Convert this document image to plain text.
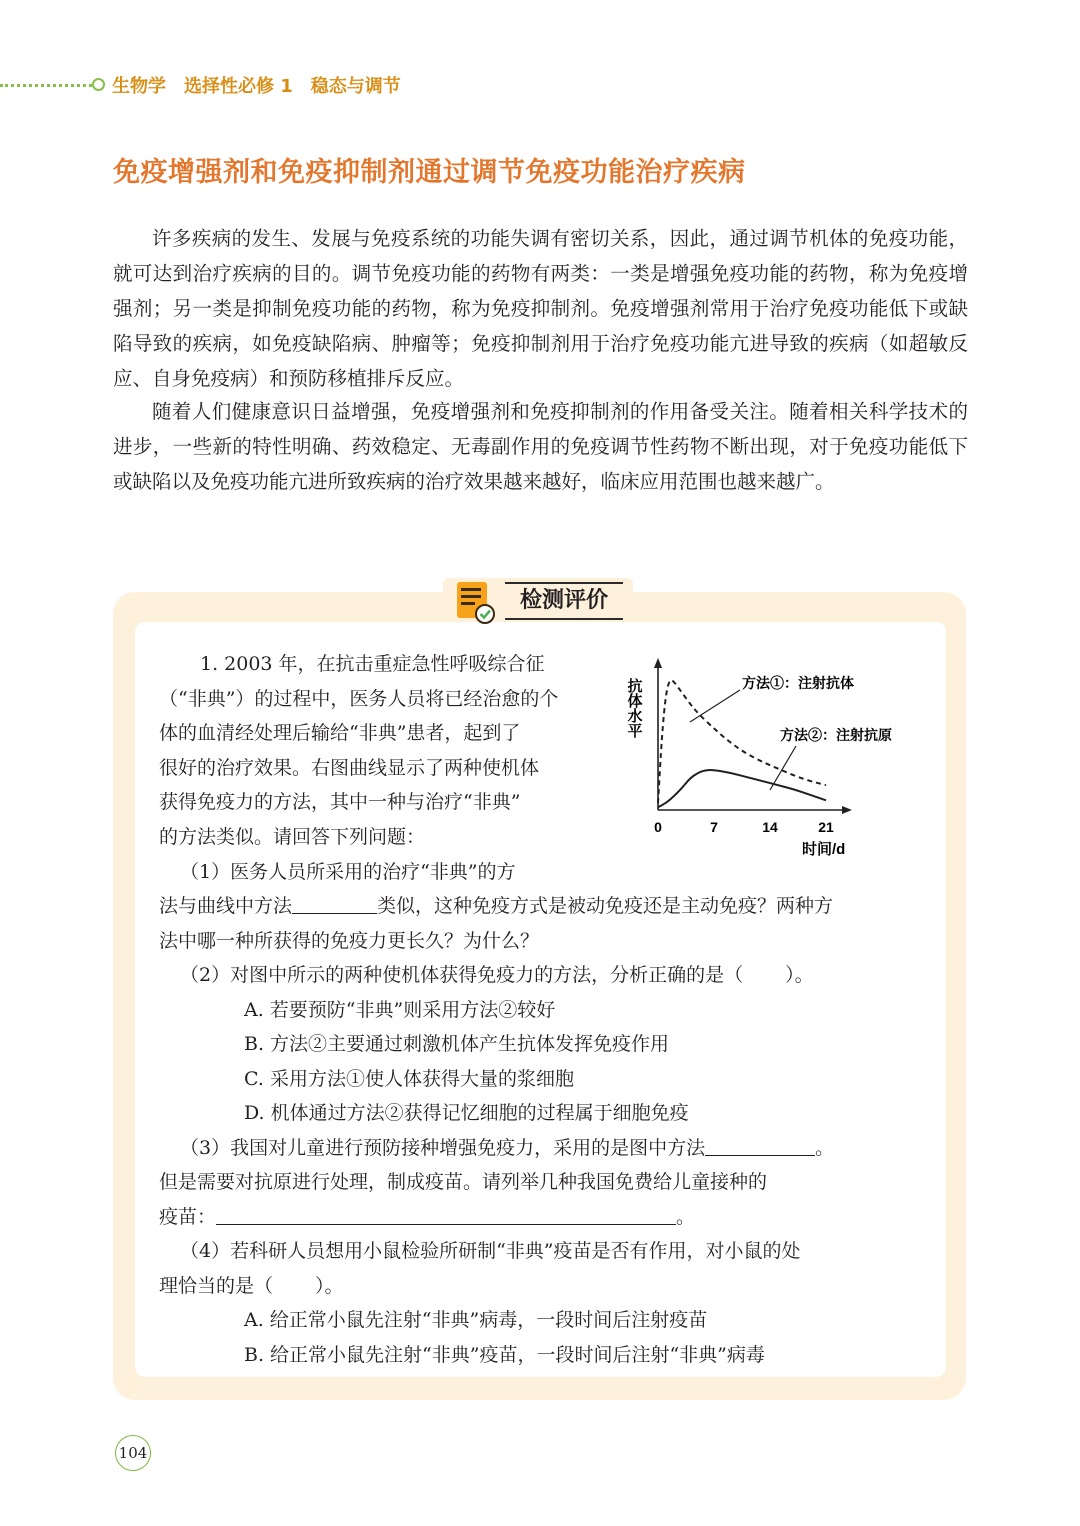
生物学 选择性必修 1 稳态与调节
免疫增强剂和免疫抑制剂通过调节免疫功能治疗疾病

许多疾病的发生、发展与免疫系统的功能失调有密切关系，因此，通过调节机体的免疫功能，就可达到治疗疾病的目的。调节免疫功能的药物有两类：一类是增强免疫功能的药物，称为免疫增强剂；另一类是抑制免疫功能的药物，称为免疫抑制剂。免疫增强剂常用于治疗免疫功能低下或缺陷导致的疾病，如免疫缺陷病、肿瘤等；免疫抑制剂用于治疗免疫功能亢进导致的疾病（如超敏反应、自身免疫病）和预防移植排斥反应。

随着人们健康意识日益增强，免疫增强剂和免疫抑制剂的作用备受关注。随着相关科学技术的进步，一些新的特性明确、药效稳定、无毒副作用的免疫调节性药物不断出现，对于免疫功能低下或缺陷以及免疫功能亢进所致疾病的治疗效果越来越好，临床应用范围也越来越广。

检测评价
1. 2003 年，在抗击重症急性呼吸综合征
（“非典”）的过程中，医务人员将已经治愈的个
体的血清经处理后输给“非典”患者，起到了
很好的治疗效果。右图曲线显示了两种使机体
获得免疫力的方法，其中一种与治疗“非典”
的方法类似。请回答下列问题：
（1）医务人员所采用的治疗“非典”的方
法与曲线中方法	类似，这种免疫方式是被动免疫还是主动免疫？两种方
法中哪一种所获得的免疫力更长久？为什么？
（2）对图中所示的两种使机体获得免疫力的方法，分析正确的是（ ）。
A. 若要预防“非典”则采用方法②较好
B. 方法②主要通过刺激机体产生抗体发挥免疫作用
C. 采用方法①使人体获得大量的浆细胞
D. 机体通过方法②获得记忆细胞的过程属于细胞免疫
（3）我国对儿童进行预防接种增强免疫力，采用的是图中方法	。
但是需要对抗原进行处理，制成疫苗。请列举几种我国免费给儿童接种的
疫苗：	。
（4）若科研人员想用小鼠检验所研制“非典”疫苗是否有作用，对小鼠的处
理恰当的是（ ）。
A. 给正常小鼠先注射“非典”病毒，一段时间后注射疫苗
B. 给正常小鼠先注射“非典”疫苗，一段时间后注射“非典”病毒
抗体水平
0	7	14	21
时间/d
方法①：注射抗体
方法②：注射抗原
104
